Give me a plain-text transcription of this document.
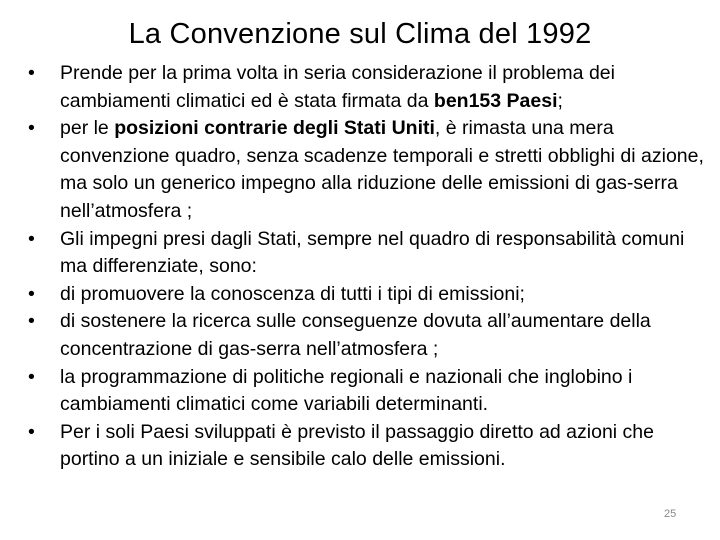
La Convenzione sul Clima del 1992
•	Prende per la prima volta in seria considerazione il problema dei cambiamenti climatici ed è stata firmata da ben153 Paesi;
•	per le posizioni contrarie degli Stati Uniti, è rimasta una mera convenzione quadro, senza scadenze temporali e stretti obblighi di azione, ma solo un generico impegno alla riduzione delle emissioni di gas-serra nell’atmosfera ;
•	Gli impegni presi dagli Stati, sempre nel quadro di responsabilità comuni ma differenziate, sono:
•	di promuovere la conoscenza di tutti i tipi di emissioni;
•	di sostenere la ricerca sulle conseguenze dovuta all’aumentare della concentrazione di gas-serra nell’atmosfera ;
•	la programmazione di politiche regionali e nazionali che inglobino i cambiamenti climatici come variabili determinanti.
•	Per i soli Paesi sviluppati è previsto il passaggio diretto ad azioni che portino a un iniziale e sensibile calo delle emissioni.
25
